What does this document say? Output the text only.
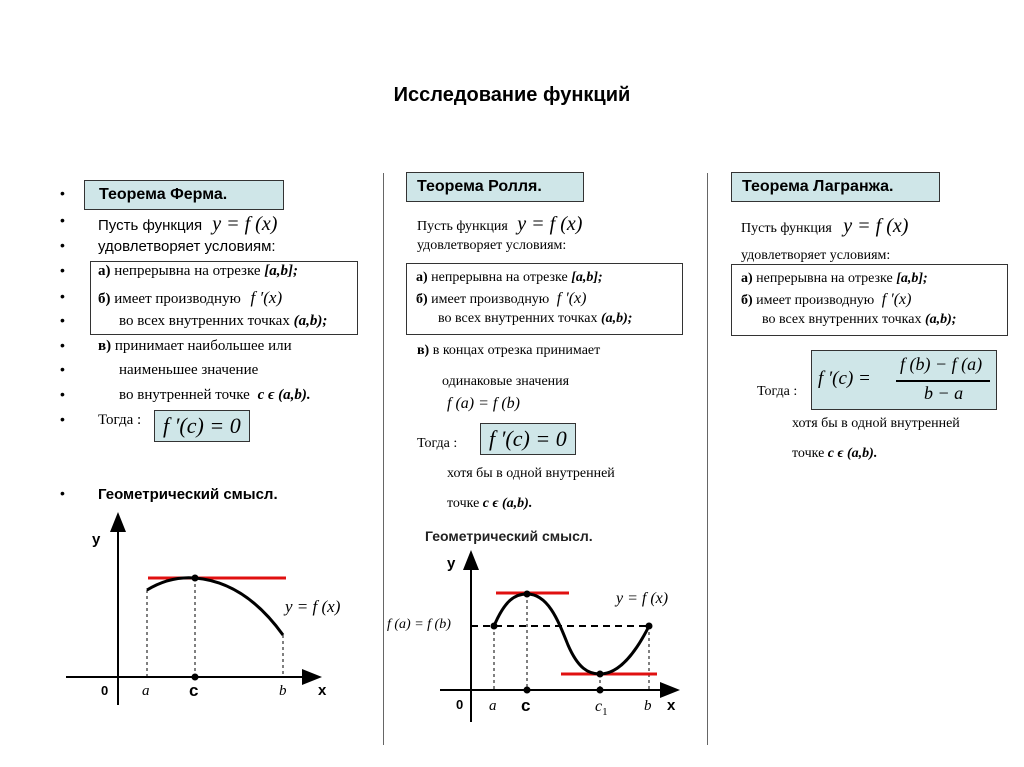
Исследование функций
•
•
•
•
•
•
•
•
•
•
•
Теорема Ферма.
Пусть функция y = f (x)
удовлетворяет условиям:
а) непрерывна на отрезке [a,b];
б) имеет производную f ′(x)
во всех внутренних точках (a,b);
в) принимает наибольшее или
наименьшее значение
во внутренней точке c ϵ (a,b).
Тогда : f ′(c) = 0
Геометрический смысл.
y
0 a c	b x
y = f (x)
Теорема Ролля.
Пусть функция y = f (x)
удовлетворяет условиям:
а) непрерывна на отрезке [a,b];
б) имеет производную f ′(x)
во всех внутренних точках (a,b);
в) в концах отрезка принимает
одинаковые значения
f (a) = f (b)
Тогда :	f ′(c) = 0
хотя бы в одной внутренней
точке c ϵ (a,b).
Геометрический смысл.
y
f (a) = f (b)
y = f (x)
0 a c	$c_1$ b x
Теорема Лагранжа.
Пусть функция y = f (x)
удовлетворяет условиям:
а) непрерывна на отрезке [a,b];
б) имеет производную f ′(x)
во всех внутренних точках (a,b);
Тогда :
f ′(c) =
f (b) − f (a)
b − a
хотя бы в одной внутренней
точке c ϵ (a,b).
